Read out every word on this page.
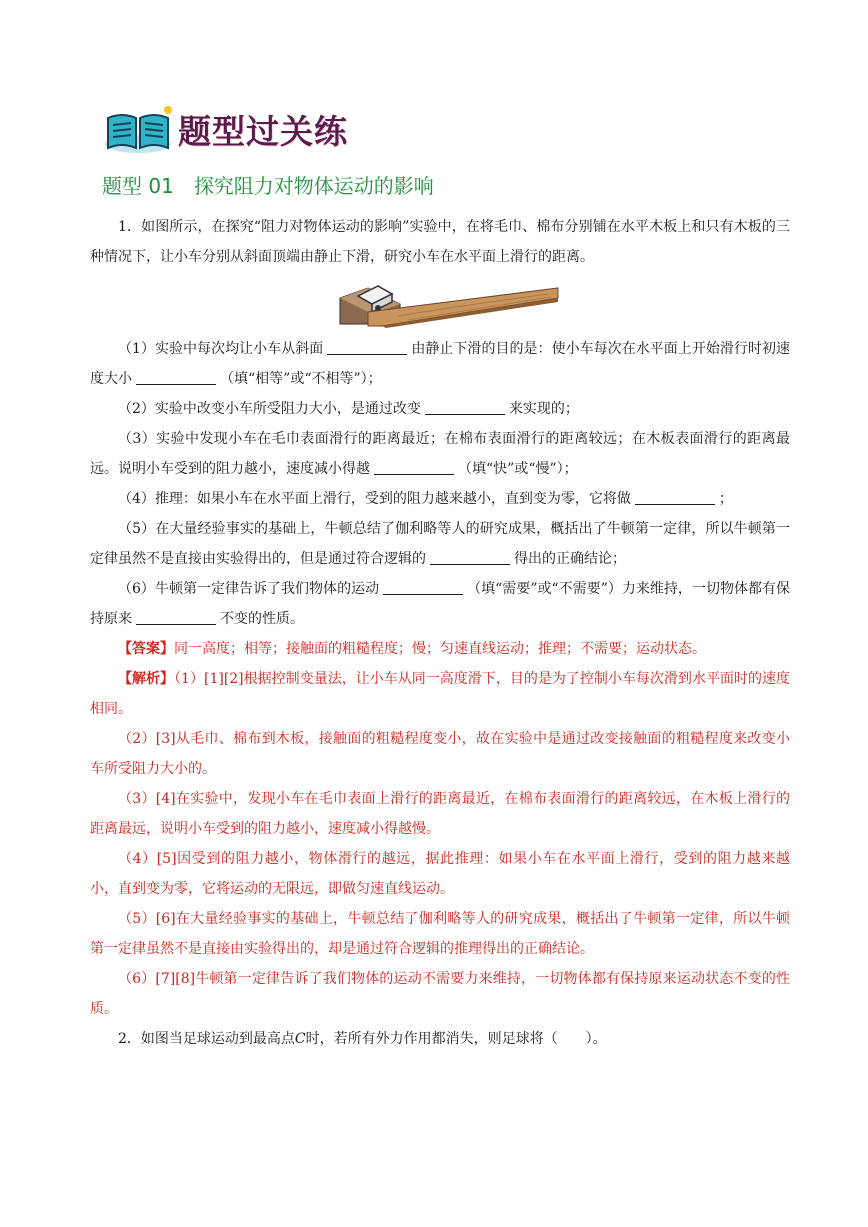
题型过关练
题型 01 探究阻力对物体运动的影响

1．如图所示，在探究“阻力对物体运动的影响”实验中，在将毛巾、棉布分别铺在水平木板上和只有木板的三种情况下，让小车分别从斜面顶端由静止下滑，研究小车在水平面上滑行的距离。

（1）实验中每次均让小车从斜面	由静止下滑的目的是：使小车每次在水平面上开始滑行时初速度大小	（填“相等”或“不相等”）；

（2）实验中改变小车所受阻力大小，是通过改变	来实现的；

（3）实验中发现小车在毛巾表面滑行的距离最近；在棉布表面滑行的距离较远；在木板表面滑行的距离最远。说明小车受到的阻力越小，速度减小得越	（填“快”或“慢”）；

（4）推理：如果小车在水平面上滑行，受到的阻力越来越小，直到变为零，它将做	；

（5）在大量经验事实的基础上，牛顿总结了伽利略等人的研究成果，概括出了牛顿第一定律，所以牛顿第一定律虽然不是直接由实验得出的，但是通过符合逻辑的	得出的正确结论；

（6）牛顿第一定律告诉了我们物体的运动	（填“需要”或“不需要”）力来维持，一切物体都有保持原来	不变的性质。

【答案】同一高度；相等；接触面的粗糙程度；慢；匀速直线运动；推理；不需要；运动状态。

【解析】（1）[1][2]根据控制变量法，让小车从同一高度滑下，目的是为了控制小车每次滑到水平面时的速度相同。

（2）[3]从毛巾、棉布到木板，接触面的粗糙程度变小，故在实验中是通过改变接触面的粗糙程度来改变小车所受阻力大小的。

（3）[4]在实验中，发现小车在毛巾表面上滑行的距离最近，在棉布表面滑行的距离较远，在木板上滑行的距离最远，说明小车受到的阻力越小，速度减小得越慢。

（4）[5]因受到的阻力越小，物体滑行的越远，据此推理：如果小车在水平面上滑行，受到的阻力越来越小，直到变为零，它将运动的无限远，即做匀速直线运动。

（5）[6]在大量经验事实的基础上，牛顿总结了伽利略等人的研究成果，概括出了牛顿第一定律，所以牛顿第一定律虽然不是直接由实验得出的，却是通过符合逻辑的推理得出的正确结论。

（6）[7][8]牛顿第一定律告诉了我们物体的运动不需要力来维持，一切物体都有保持原来运动状态不变的性质。

2．如图当足球运动到最高点C时，若所有外力作用都消失，则足球将（　　）。
